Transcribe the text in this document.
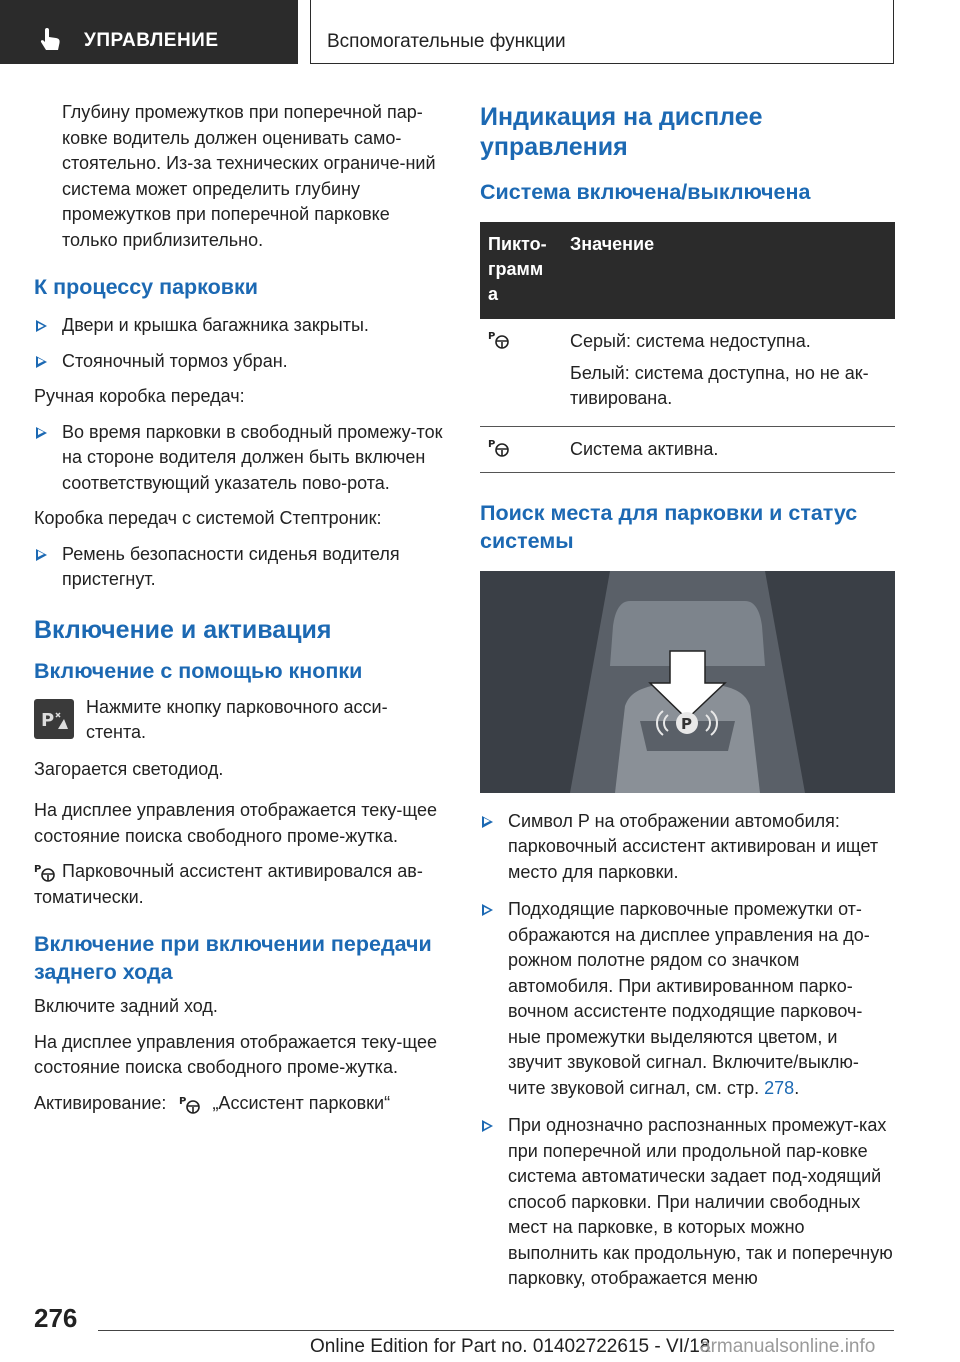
УПРАВЛЕНИЕ	Вспомогательные функции

Глубину промежутков при поперечной пар-ковке водитель должен оценивать само-стоятельно. Из-за технических ограниче-ний система может определить глубину промежутков при поперечной парковке только приблизительно.

К процессу парковки
Двери и крышка багажника закрыты.
Стояночный тормоз убран.

Ручная коробка передач:

Во время парковки в свободный промежу-ток на стороне водителя должен быть включен соответствующий указатель пово-рота.

Коробка передач с системой Стептроник:

Ремень безопасности сиденья водителя пристегнут.
Включение и активация
Включение с помощью кнопки
P

Нажмите кнопку парковочного асси-стента.

Загорается светодиод.

На дисплее управления отображается теку-щее состояние поиска свободного проме-жутка.

P Парковочный ассистент активировался ав-томатически.

Включение при включении передачи заднего хода

Включите задний ход.

На дисплее управления отображается теку-щее состояние поиска свободного проме-жутка.

Активирование: P „Ассистент парковки“

Индикация на дисплее управления
Система включена/выключена
Пикто-грамм а	Значение

P	Серый: система недоступна.

Белый: система доступна, но не ак-тивирована.

P	Система активна.
Поиск места для парковки и статус системы
P
Символ P на отображении автомобиля: парковочный ассистент активирован и ищет место для парковки.
Подходящие парковочные промежутки от-ображаются на дисплее управления на до-рожном полотне рядом со значком автомобиля. При активированном парко-вочном ассистенте подходящие парковоч-ные промежутки выделяются цветом, и звучит звуковой сигнал. Включите/выклю-чите звуковой сигнал, см. стр. 278.
При однозначно распознанных промежут-ках при поперечной или продольной пар-ковке система автоматически задает под-ходящий способ парковки. При наличии свободных мест на парковке, в которых можно выполнить как продольную, так и поперечную парковку, отображается меню
276
Online Edition for Part no. 01402722615 - VI/18
armanualsonline.info
